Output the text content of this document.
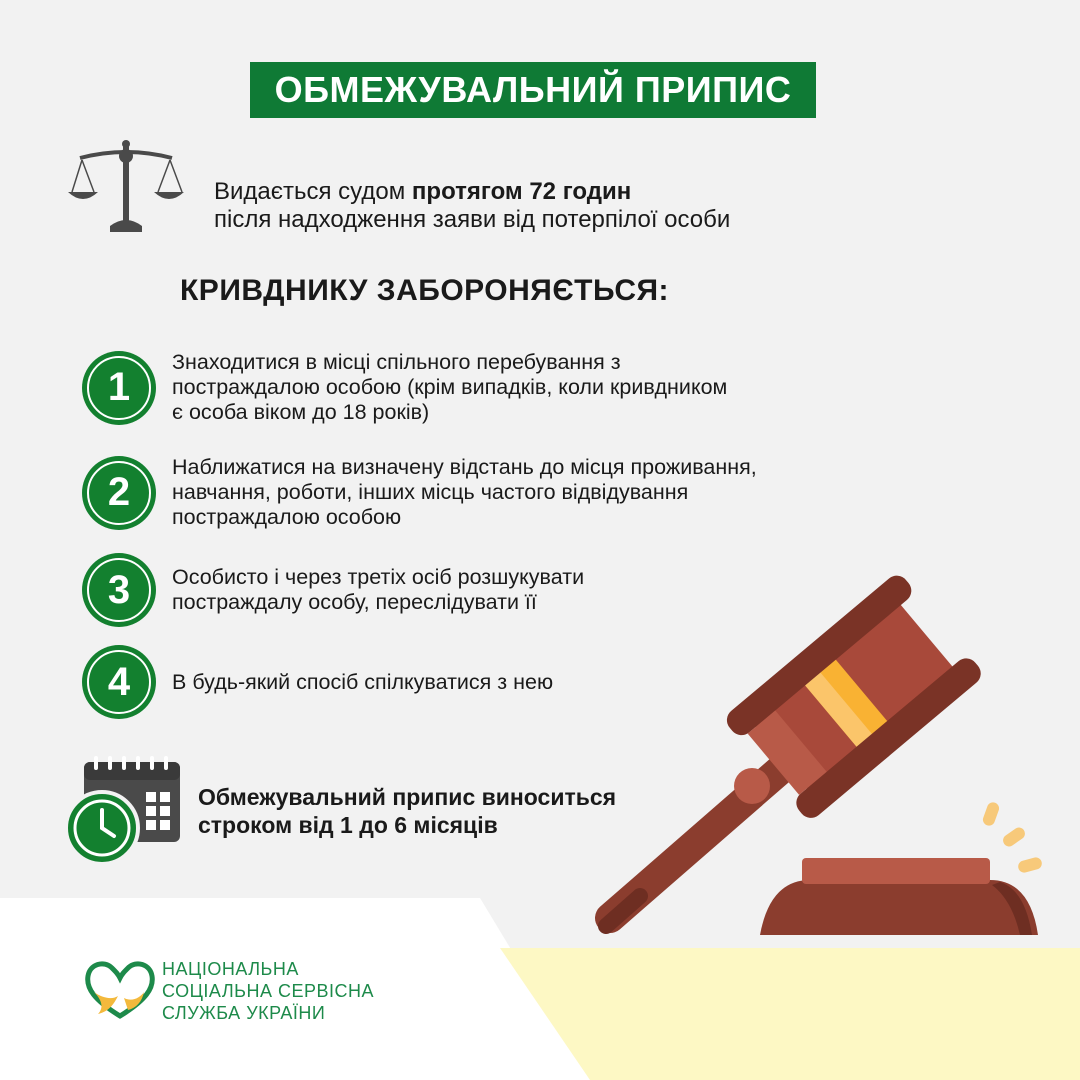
ОБМЕЖУВАЛЬНИЙ ПРИПИС
Видається судом протягом 72 годин
після надходження заяви від потерпілої особи
КРИВДНИКУ ЗАБОРОНЯЄТЬСЯ:
1
Знаходитися в місці спільного перебування з
постраждалою особою (крім випадків, коли кривдником
є особа віком до 18 років)
2
Наближатися на визначену відстань до місця проживання,
навчання, роботи, інших місць частого відвідування
постраждалою особою
3	Особисто і через третіх осіб розшукувати
постраждалу особу, переслідувати її
4	В будь-який спосіб спілкуватися з нею
Обмежувальний припис виноситься
строком від 1 до 6 місяців
НАЦІОНАЛЬНА
СОЦІАЛЬНА СЕРВІСНА
СЛУЖБА УКРАЇНИ
